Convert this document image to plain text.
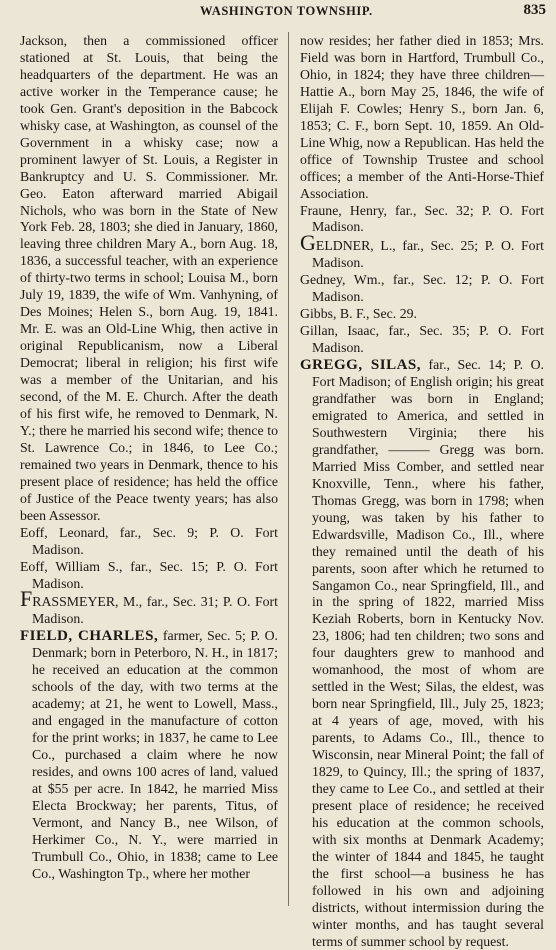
WASHINGTON TOWNSHIP.	835
Jackson, then a commissioned officer stationed at St. Louis, that being the headquarters of the department. He was an active worker in the Temperance cause; he took Gen. Grant's deposition in the Babcock whisky case, at Washington, as counsel of the Government in a whisky case; now a prominent lawyer of St. Louis, a Register in Bankruptcy and U. S. Commissioner. Mr. Geo. Eaton afterward married Abigail Nichols, who was born in the State of New York Feb. 28, 1803; she died in January, 1860, leaving three children Mary A., born Aug. 18, 1836, a successful teacher, with an experience of thirty-two terms in school; Louisa M., born July 19, 1839, the wife of Wm. Vanhyning, of Des Moines; Helen S., born Aug. 19, 1841. Mr. E. was an Old-Line Whig, then active in original Republicanism, now a Liberal Democrat; liberal in religion; his first wife was a member of the Unitarian, and his second, of the M. E. Church. After the death of his first wife, he removed to Denmark, N. Y.; there he married his second wife; thence to St. Lawrence Co.; in 1846, to Lee Co.; remained two years in Denmark, thence to his present place of residence; has held the office of Justice of the Peace twenty years; has also been Assessor.
Eoff, Leonard, far., Sec. 9; P. O. Fort Madison.
Eoff, William S., far., Sec. 15; P. O. Fort Madison.
FRASSMEYER, M., far., Sec. 31; P. O. Fort Madison.
FIELD, CHARLES, farmer, Sec. 5; P. O. Denmark; born in Peterboro, N. H., in 1817; he received an education at the common schools of the day, with two terms at the academy; at 21, he went to Lowell, Mass., and engaged in the manufacture of cotton for the print works; in 1837, he came to Lee Co., purchased a claim where he now resides, and owns 100 acres of land, valued at $55 per acre. In 1842, he married Miss Electa Brockway; her parents, Titus, of Vermont, and Nancy B., nee Wilson, of Herkimer Co., N. Y., were married in Trumbull Co., Ohio, in 1838; came to Lee Co., Washington Tp., where her mother
now resides; her father died in 1853; Mrs. Field was born in Hartford, Trumbull Co., Ohio, in 1824; they have three children—Hattie A., born May 25, 1846, the wife of Elijah F. Cowles; Henry S., born Jan. 6, 1853; C. F., born Sept. 10, 1859. An Old-Line Whig, now a Republican. Has held the office of Township Trustee and school offices; a member of the Anti-Horse-Thief Association.
Fraune, Henry, far., Sec. 32; P. O. Fort Madison.
GELDNER, L., far., Sec. 25; P. O. Fort Madison.
Gedney, Wm., far., Sec. 12; P. O. Fort Madison.
Gibbs, B. F., Sec. 29.
Gillan, Isaac, far., Sec. 35; P. O. Fort Madison.
GREGG, SILAS, far., Sec. 14; P. O. Fort Madison; of English origin; his great grandfather was born in England; emigrated to America, and settled in Southwestern Virginia; there his grandfather, ——— Gregg was born. Married Miss Comber, and settled near Knoxville, Tenn., where his father, Thomas Gregg, was born in 1798; when young, was taken by his father to Edwardsville, Madison Co., Ill., where they remained until the death of his parents, soon after which he returned to Sangamon Co., near Springfield, Ill., and in the spring of 1822, married Miss Keziah Roberts, born in Kentucky Nov. 23, 1806; had ten children; two sons and four daughters grew to manhood and womanhood, the most of whom are settled in the West; Silas, the eldest, was born near Springfield, Ill., July 25, 1823; at 4 years of age, moved, with his parents, to Adams Co., Ill., thence to Wisconsin, near Mineral Point; the fall of 1829, to Quincy, Ill.; the spring of 1837, they came to Lee Co., and settled at their present place of residence; he received his education at the common schools, with six months at Denmark Academy; the winter of 1844 and 1845, he taught the first school—a business he has followed in his own and adjoining districts, without intermission during the winter months, and has taught several terms of summer school by request.
